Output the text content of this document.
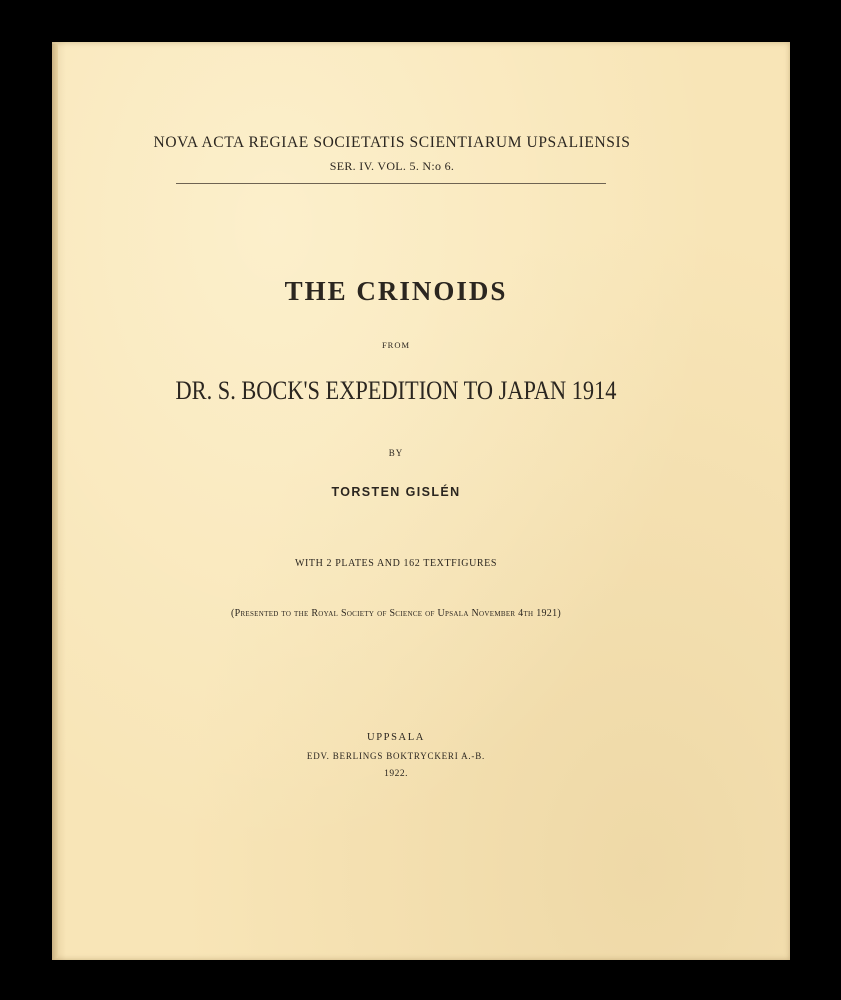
NOVA ACTA REGIAE SOCIETATIS SCIENTIARUM UPSALIENSIS
SER. IV. VOL. 5. N:o 6.
THE CRINOIDS
FROM
DR. S. BOCK'S EXPEDITION TO JAPAN 1914
BY
TORSTEN GISLÉN
WITH 2 PLATES AND 162 TEXTFIGURES
(Presented to the Royal Society of Science of Upsala November 4th 1921)
UPPSALA
EDV. BERLINGS BOKTRYCKERI A.-B.
1922.
